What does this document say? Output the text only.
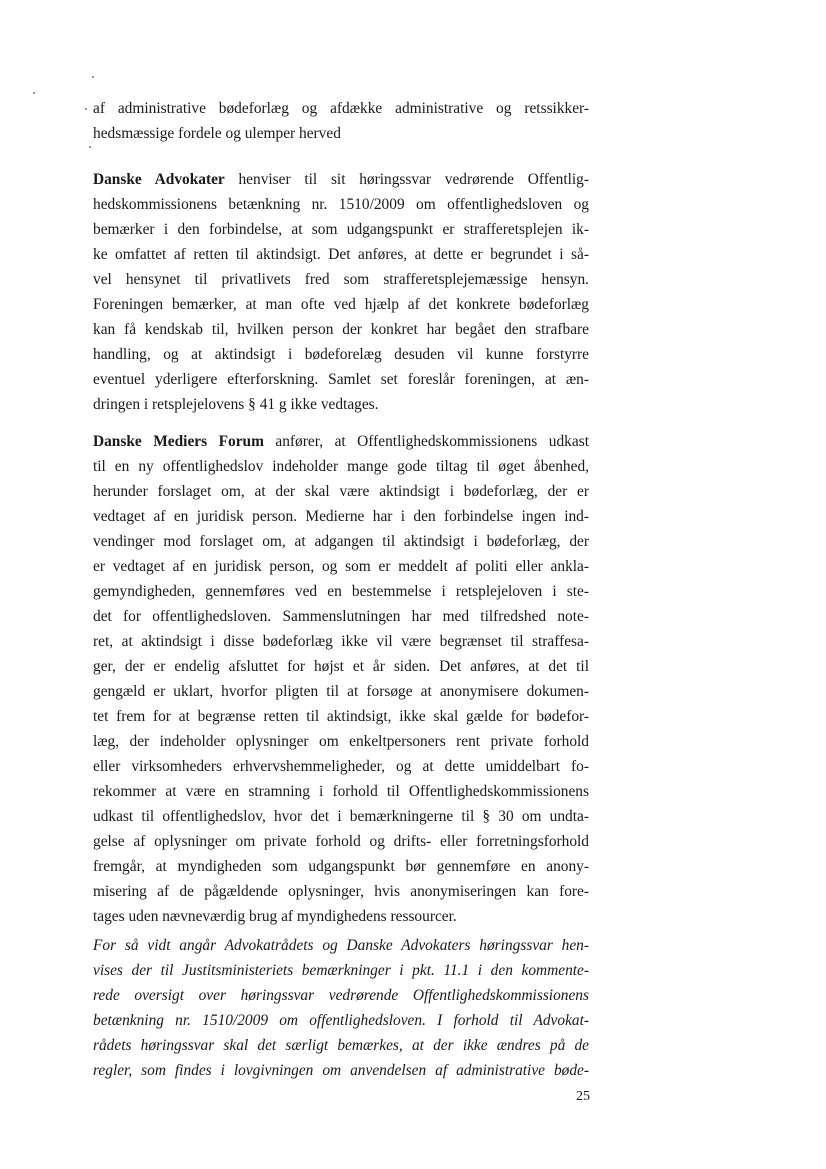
af administrative bødeforlæg og afdække administrative og retssikker-
hedsmæssige fordele og ulemper herved
Danske Advokater henviser til sit høringssvar vedrørende Offentlig-
hedskommissionens betænkning nr. 1510/2009 om offentlighedsloven og
bemærker i den forbindelse, at som udgangspunkt er strafferetsplejen ik-
ke omfattet af retten til aktindsigt. Det anføres, at dette er begrundet i så-
vel hensynet til privatlivets fred som strafferetsplejemæssige hensyn.
Foreningen bemærker, at man ofte ved hjælp af det konkrete bødeforlæg
kan få kendskab til, hvilken person der konkret har begået den strafbare
handling, og at aktindsigt i bødeforelæg desuden vil kunne forstyrre
eventuel yderligere efterforskning. Samlet set foreslår foreningen, at æn-
dringen i retsplejelovens § 41 g ikke vedtages.
Danske Mediers Forum anfører, at Offentlighedskommissionens udkast
til en ny offentlighedslov indeholder mange gode tiltag til øget åbenhed,
herunder forslaget om, at der skal være aktindsigt i bødeforlæg, der er
vedtaget af en juridisk person. Medierne har i den forbindelse ingen ind-
vendinger mod forslaget om, at adgangen til aktindsigt i bødeforlæg, der
er vedtaget af en juridisk person, og som er meddelt af politi eller ankla-
gemyndigheden, gennemføres ved en bestemmelse i retsplejeloven i ste-
det for offentlighedsloven. Sammenslutningen har med tilfredshed note-
ret, at aktindsigt i disse bødeforlæg ikke vil være begrænset til straffesa-
ger, der er endelig afsluttet for højst et år siden. Det anføres, at det til
gengæld er uklart, hvorfor pligten til at forsøge at anonymisere dokumen-
tet frem for at begrænse retten til aktindsigt, ikke skal gælde for bødefor-
læg, der indeholder oplysninger om enkeltpersoners rent private forhold
eller virksomheders erhvervshemmeligheder, og at dette umiddelbart fo-
rekommer at være en stramning i forhold til Offentlighedskommissionens
udkast til offentlighedslov, hvor det i bemærkningerne til § 30 om undta-
gelse af oplysninger om private forhold og drifts- eller forretningsforhold
fremgår, at myndigheden som udgangspunkt bør gennemføre en anony-
misering af de pågældende oplysninger, hvis anonymiseringen kan fore-
tages uden nævneværdig brug af myndighedens ressourcer.
For så vidt angår Advokatrådets og Danske Advokaters høringssvar hen-
vises der til Justitsministeriets bemærkninger i pkt. 11.1 i den kommente-
rede oversigt over høringssvar vedrørende Offentlighedskommissionens
betænkning nr. 1510/2009 om offentlighedsloven. I forhold til Advokat-
rådets høringssvar skal det særligt bemærkes, at der ikke ændres på de
regler, som findes i lovgivningen om anvendelsen af administrative bøde-
25
